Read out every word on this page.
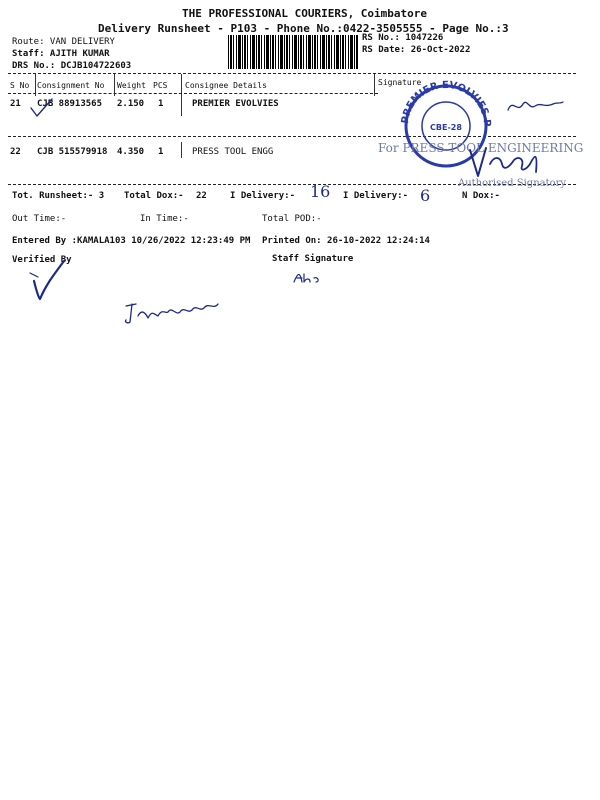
THE PROFESSIONAL COURIERS, Coimbatore
Delivery Runsheet - P103 - Phone No.:0422-3505555 - Page No.:3
Route: VAN DELIVERY
Staff: AJITH KUMAR
DRS No.: DCJB104722603
RS No.: 1047226
RS Date: 26-Oct-2022
S No Consignment No Weight PCS Consignee Details	Signature
21 CJB 88913565 2.150 1	PREMIER EVOLVIES
22 CJB 515579918 4.350 1	PRESS TOOL ENGG
PREMIER EVOLVIES PVT LTD
CBE-28
For PRESS TOOL ENGINEERING
Authorised Signatory
Tot. Runsheet:- 3 Total Dox:- 22	I Delivery:- 16 I Delivery:- 6	N Dox:-
Out Time:-	In Time:-	Total POD:-
Entered By :KAMALA103 10/26/2022 12:23:49 PM Printed On: 26-10-2022 12:24:14
Verified By	Staff Signature
